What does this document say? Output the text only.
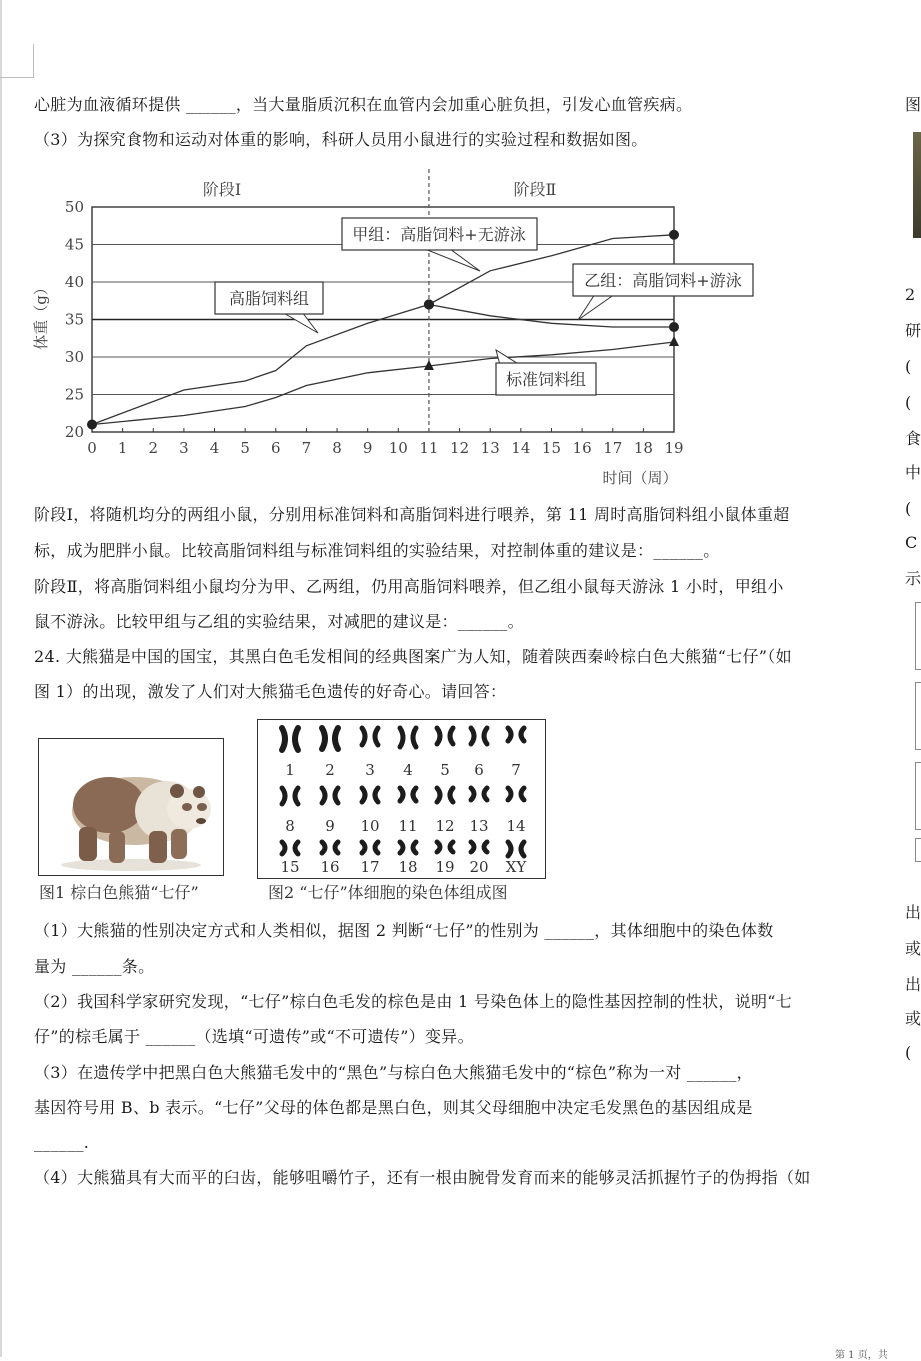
心脏为血液循环提供 ______，当大量脂质沉积在血管内会加重心脏负担，引发心血管疾病。
（3）为探究食物和运动对体重的影响，科研人员用小鼠进行的实验过程和数据如图。
阶段Ⅰ	阶段Ⅱ
20
25
30
35
40
45
50
0 1 2 3 4 5 6 7 8 9 10 11 12 13 14 15 16 17 18 19
体重（g）
时间（周）
甲组：高脂饲料+无游泳
乙组：高脂饲料+游泳
高脂饲料组
标准饲料组
阶段Ⅰ，将随机均分的两组小鼠，分别用标准饲料和高脂饲料进行喂养，第 11 周时高脂饲料组小鼠体重超
标，成为肥胖小鼠。比较高脂饲料组与标准饲料组的实验结果，对控制体重的建议是：______。
阶段Ⅱ，将高脂饲料组小鼠均分为甲、乙两组，仍用高脂饲料喂养，但乙组小鼠每天游泳 1 小时，甲组小
鼠不游泳。比较甲组与乙组的实验结果，对减肥的建议是：______。
24. 大熊猫是中国的国宝，其黑白色毛发相间的经典图案广为人知，随着陕西秦岭棕白色大熊猫“七仔”（如
图 1）的出现，激发了人们对大熊猫毛色遗传的好奇心。请回答：
1 2 3 4 5 6 7
8 9 10 11 12 13 14
15 16 17 18 19 20 XY
图1 棕白色熊猫“七仔”	图2 “七仔”体细胞的染色体组成图
（1）大熊猫的性别决定方式和人类相似，据图 2 判断“七仔”的性别为 ______，其体细胞中的染色体数
量为 ______条。
（2）我国科学家研究发现，“七仔”棕白色毛发的棕色是由 1 号染色体上的隐性基因控制的性状，说明“七
仔”的棕毛属于 ______（选填“可遗传”或“不可遗传”）变异。
（3）在遗传学中把黑白色大熊猫毛发中的“黑色”与棕白色大熊猫毛发中的“棕色”称为一对 ______，
基因符号用 B、b 表示。“七仔”父母的体色都是黑白色，则其父母细胞中决定毛发黑色的基因组成是
______.
（4）大熊猫具有大而平的臼齿，能够咀嚼竹子，还有一根由腕骨发育而来的能够灵活抓握竹子的伪拇指（如
图
2
研
(
(
食
中
(
C
示
出
或
出
或
(
第 1 页，共
